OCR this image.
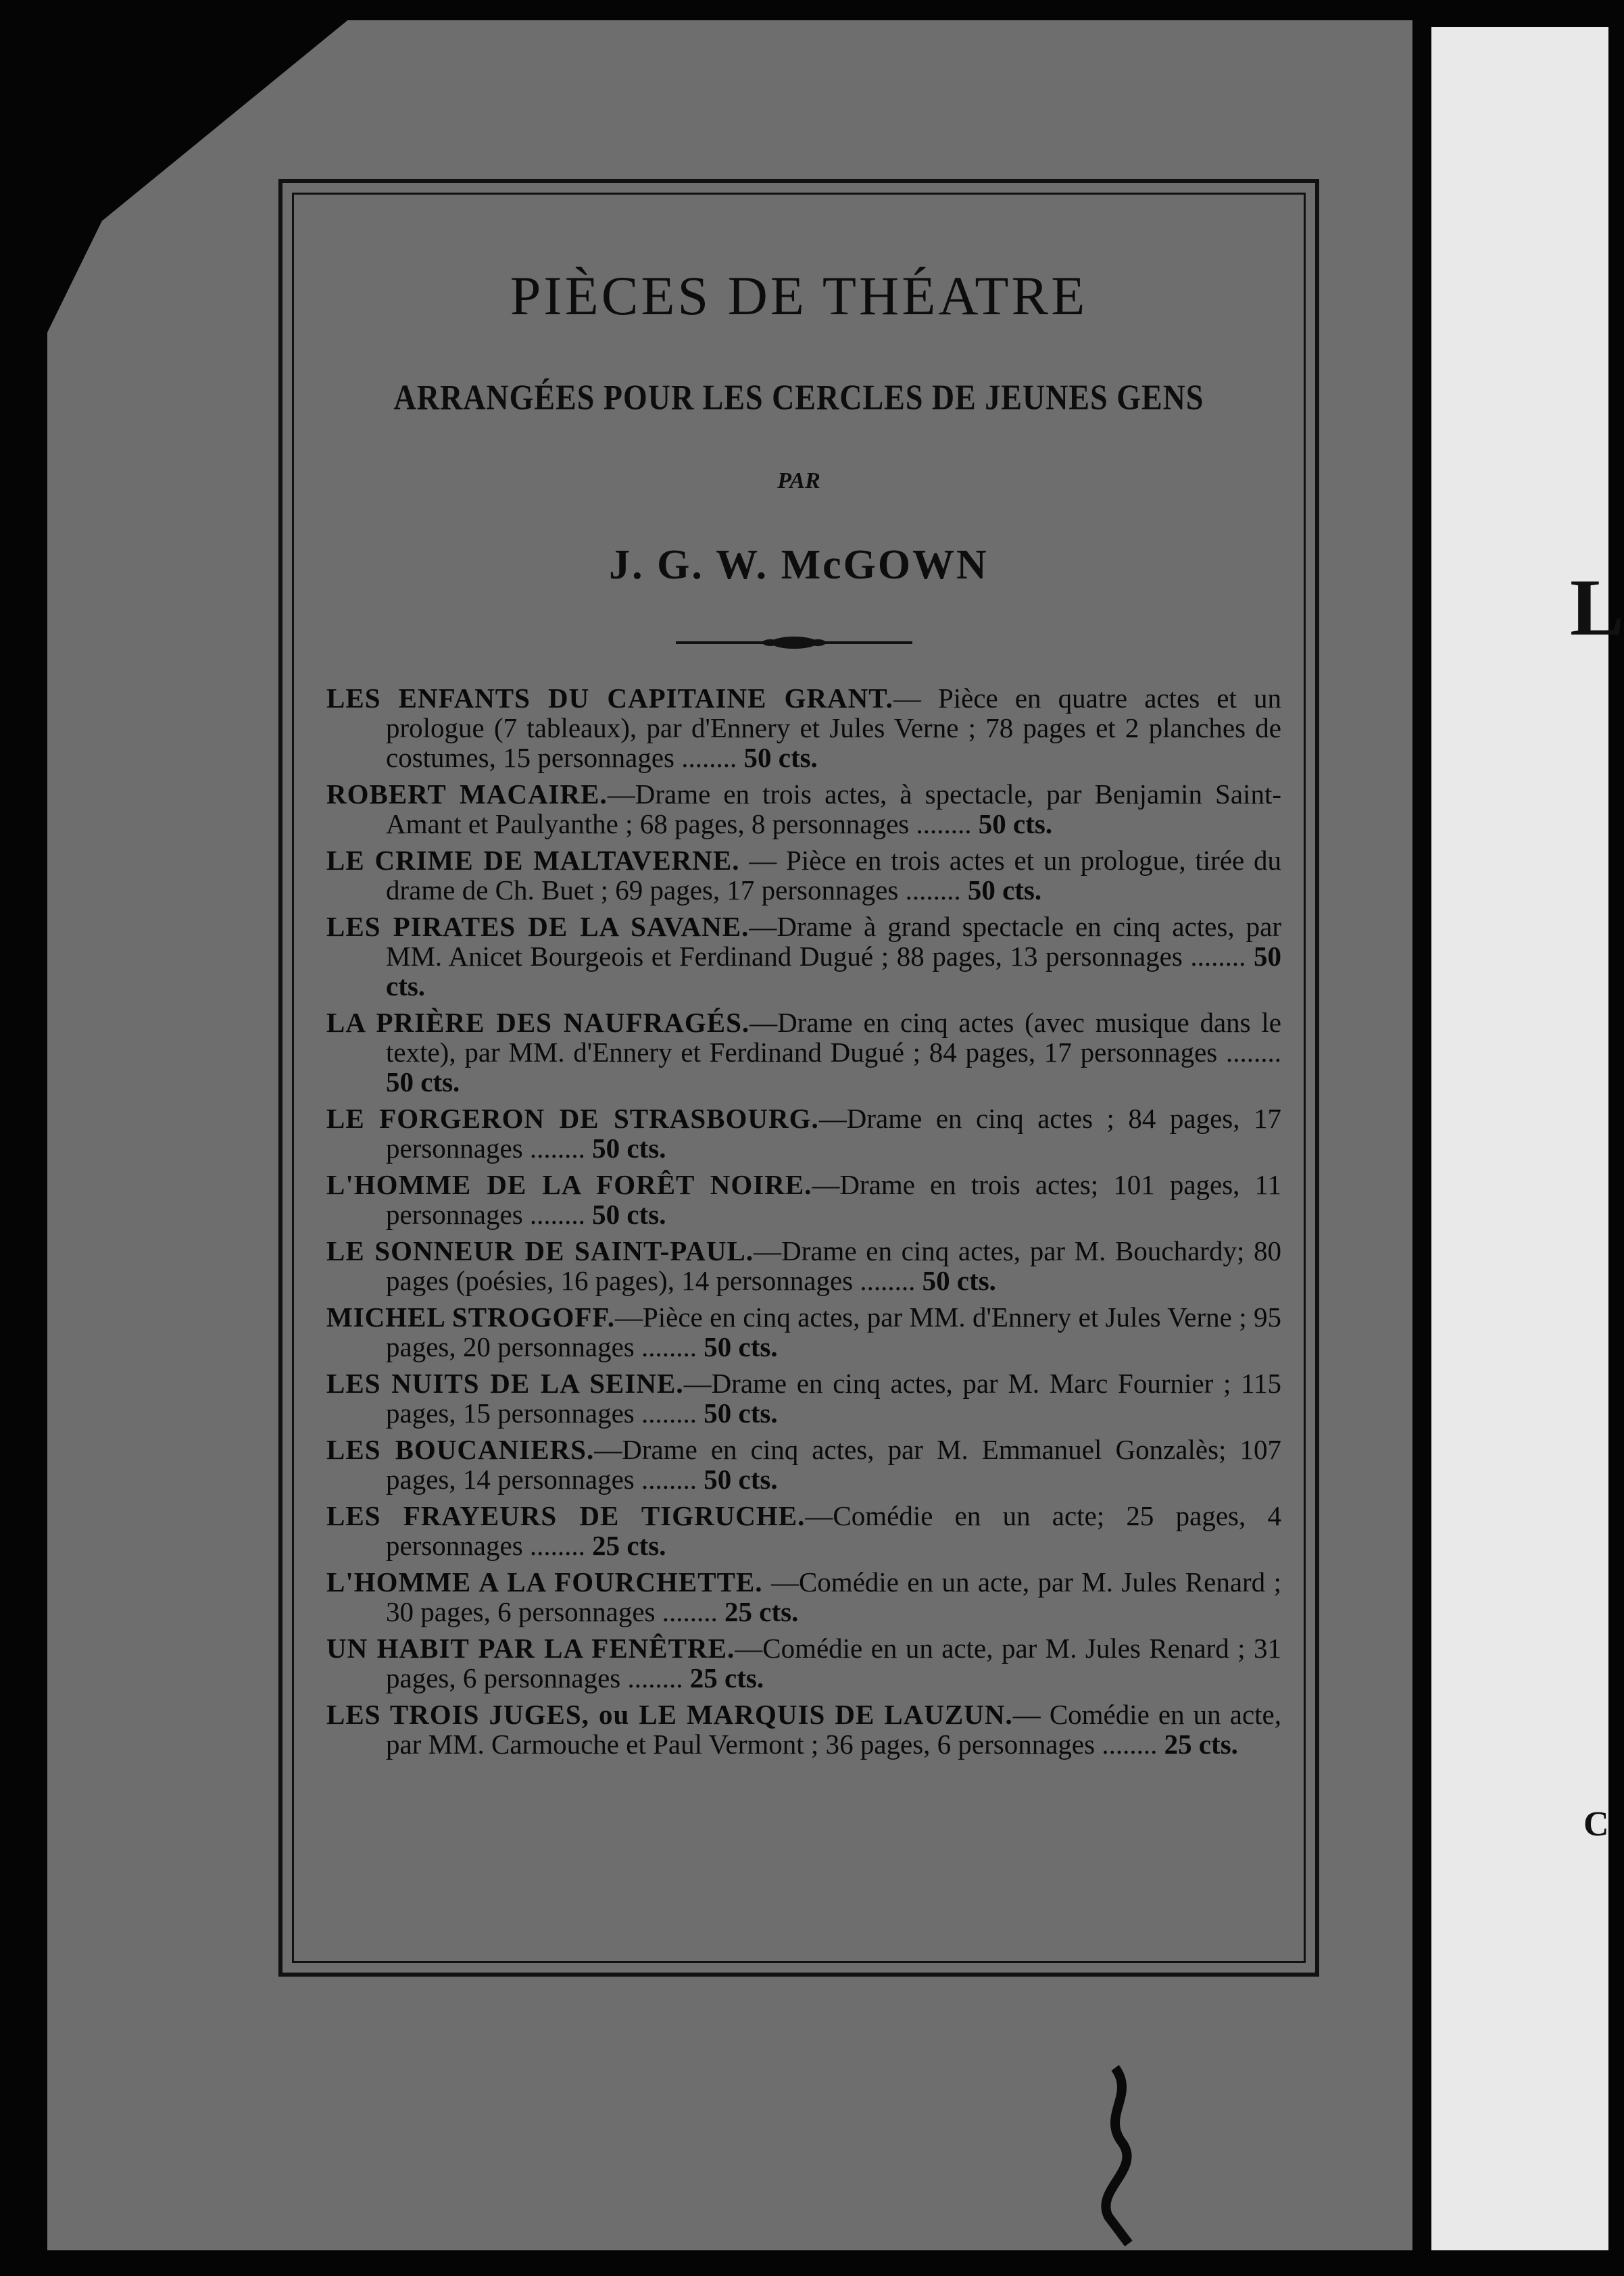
L
C
PIÈCES DE THÉATRE
ARRANGÉES POUR LES CERCLES DE JEUNES GENS
PAR
J. G. W. McGOWN

LES ENFANTS DU CAPITAINE GRANT.— Pièce en quatre actes et un prologue (7 tableaux), par d'Ennery et Jules Verne ; 78 pages et 2 planches de costumes, 15 personnages ........ 50 cts.

ROBERT MACAIRE.—Drame en trois actes, à spectacle, par Benjamin Saint-Amant et Paulyanthe ; 68 pages, 8 personnages ........ 50 cts.

LE CRIME DE MALTAVERNE. — Pièce en trois actes et un prologue, tirée du drame de Ch. Buet ; 69 pages, 17 personnages ........ 50 cts.

LES PIRATES DE LA SAVANE.—Drame à grand spectacle en cinq actes, par MM. Anicet Bourgeois et Ferdinand Dugué ; 88 pages, 13 personnages ........ 50 cts.

LA PRIÈRE DES NAUFRAGÉS.—Drame en cinq actes (avec musique dans le texte), par MM. d'Ennery et Ferdinand Dugué ; 84 pages, 17 personnages ........ 50 cts.

LE FORGERON DE STRASBOURG.—Drame en cinq actes ; 84 pages, 17 personnages ........ 50 cts.

L'HOMME DE LA FORÊT NOIRE.—Drame en trois actes; 101 pages, 11 personnages ........ 50 cts.

LE SONNEUR DE SAINT-PAUL.—Drame en cinq actes, par M. Bouchardy; 80 pages (poésies, 16 pages), 14 personnages ........ 50 cts.

MICHEL STROGOFF.—Pièce en cinq actes, par MM. d'Ennery et Jules Verne ; 95 pages, 20 personnages ........ 50 cts.

LES NUITS DE LA SEINE.—Drame en cinq actes, par M. Marc Fournier ; 115 pages, 15 personnages ........ 50 cts.

LES BOUCANIERS.—Drame en cinq actes, par M. Emmanuel Gonzalès; 107 pages, 14 personnages ........ 50 cts.

LES FRAYEURS DE TIGRUCHE.—Comédie en un acte; 25 pages, 4 personnages ........ 25 cts.

L'HOMME A LA FOURCHETTE. —Comédie en un acte, par M. Jules Renard ; 30 pages, 6 personnages ........ 25 cts.

UN HABIT PAR LA FENÊTRE.—Comédie en un acte, par M. Jules Renard ; 31 pages, 6 personnages ........ 25 cts.

LES TROIS JUGES, ou LE MARQUIS DE LAUZUN.— Comédie en un acte, par MM. Carmouche et Paul Vermont ; 36 pages, 6 personnages ........ 25 cts.
